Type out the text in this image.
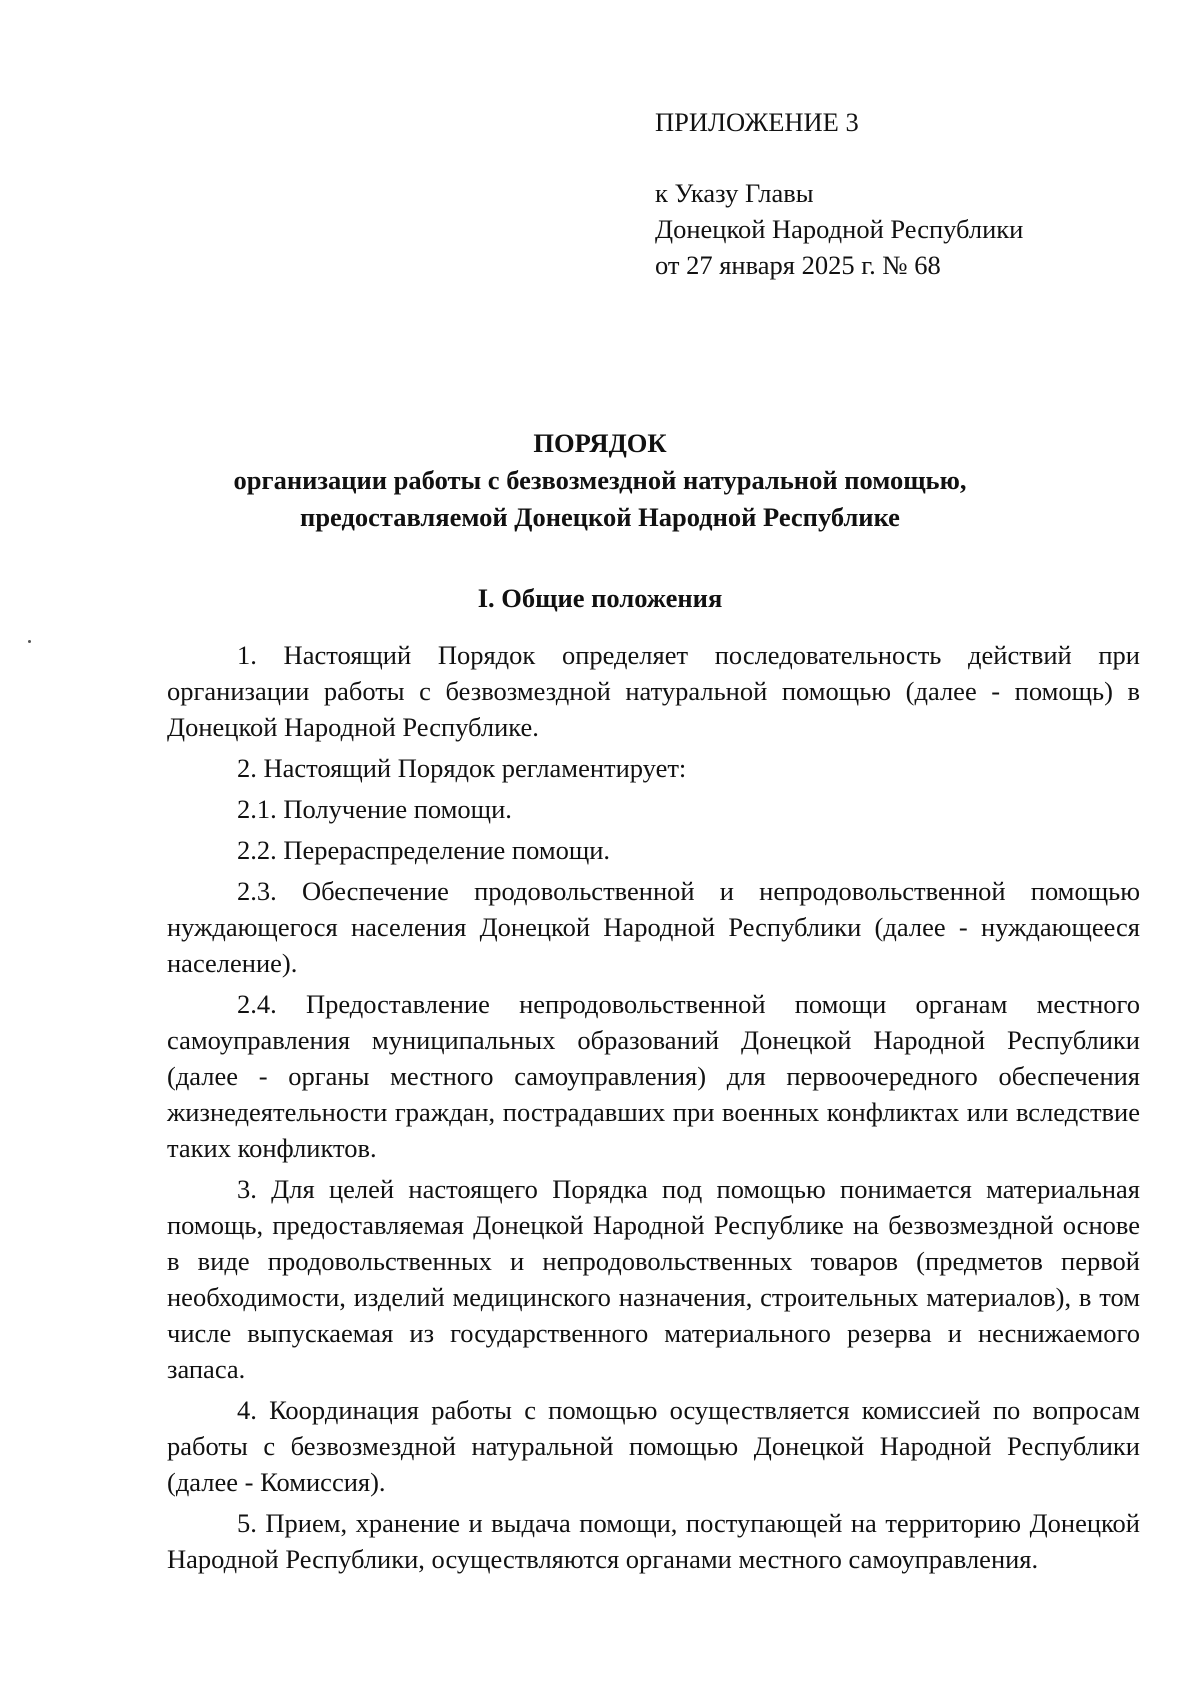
ПРИЛОЖЕНИЕ 3
к Указу Главы
Донецкой Народной Республики
от 27 января 2025 г. № 68
ПОРЯДОК
организации работы с безвозмездной натуральной помощью,
предоставляемой Донецкой Народной Республике
I. Общие положения

1. Настоящий Порядок определяет последовательность действий при организации работы с безвозмездной натуральной помощью (далее - помощь) в Донецкой Народной Республике.

2. Настоящий Порядок регламентирует:

2.1. Получение помощи.

2.2. Перераспределение помощи.

2.3. Обеспечение продовольственной и непродовольственной помощью нуждающегося населения Донецкой Народной Республики (далее - нуждающееся население).

2.4. Предоставление непродовольственной помощи органам местного самоуправления муниципальных образований Донецкой Народной Республики (далее - органы местного самоуправления) для первоочередного обеспечения жизнедеятельности граждан, пострадавших при военных конфликтах или вследствие таких конфликтов.

3. Для целей настоящего Порядка под помощью понимается материальная помощь, предоставляемая Донецкой Народной Республике на безвозмездной основе в виде продовольственных и непродовольственных товаров (предметов первой необходимости, изделий медицинского назначения, строительных материалов), в том числе выпускаемая из государственного материального резерва и неснижаемого запаса.

4. Координация работы с помощью осуществляется комиссией по вопросам работы с безвозмездной натуральной помощью Донецкой Народной Республики (далее - Комиссия).

5. Прием, хранение и выдача помощи, поступающей на территорию Донецкой Народной Республики, осуществляются органами местного самоуправления.
